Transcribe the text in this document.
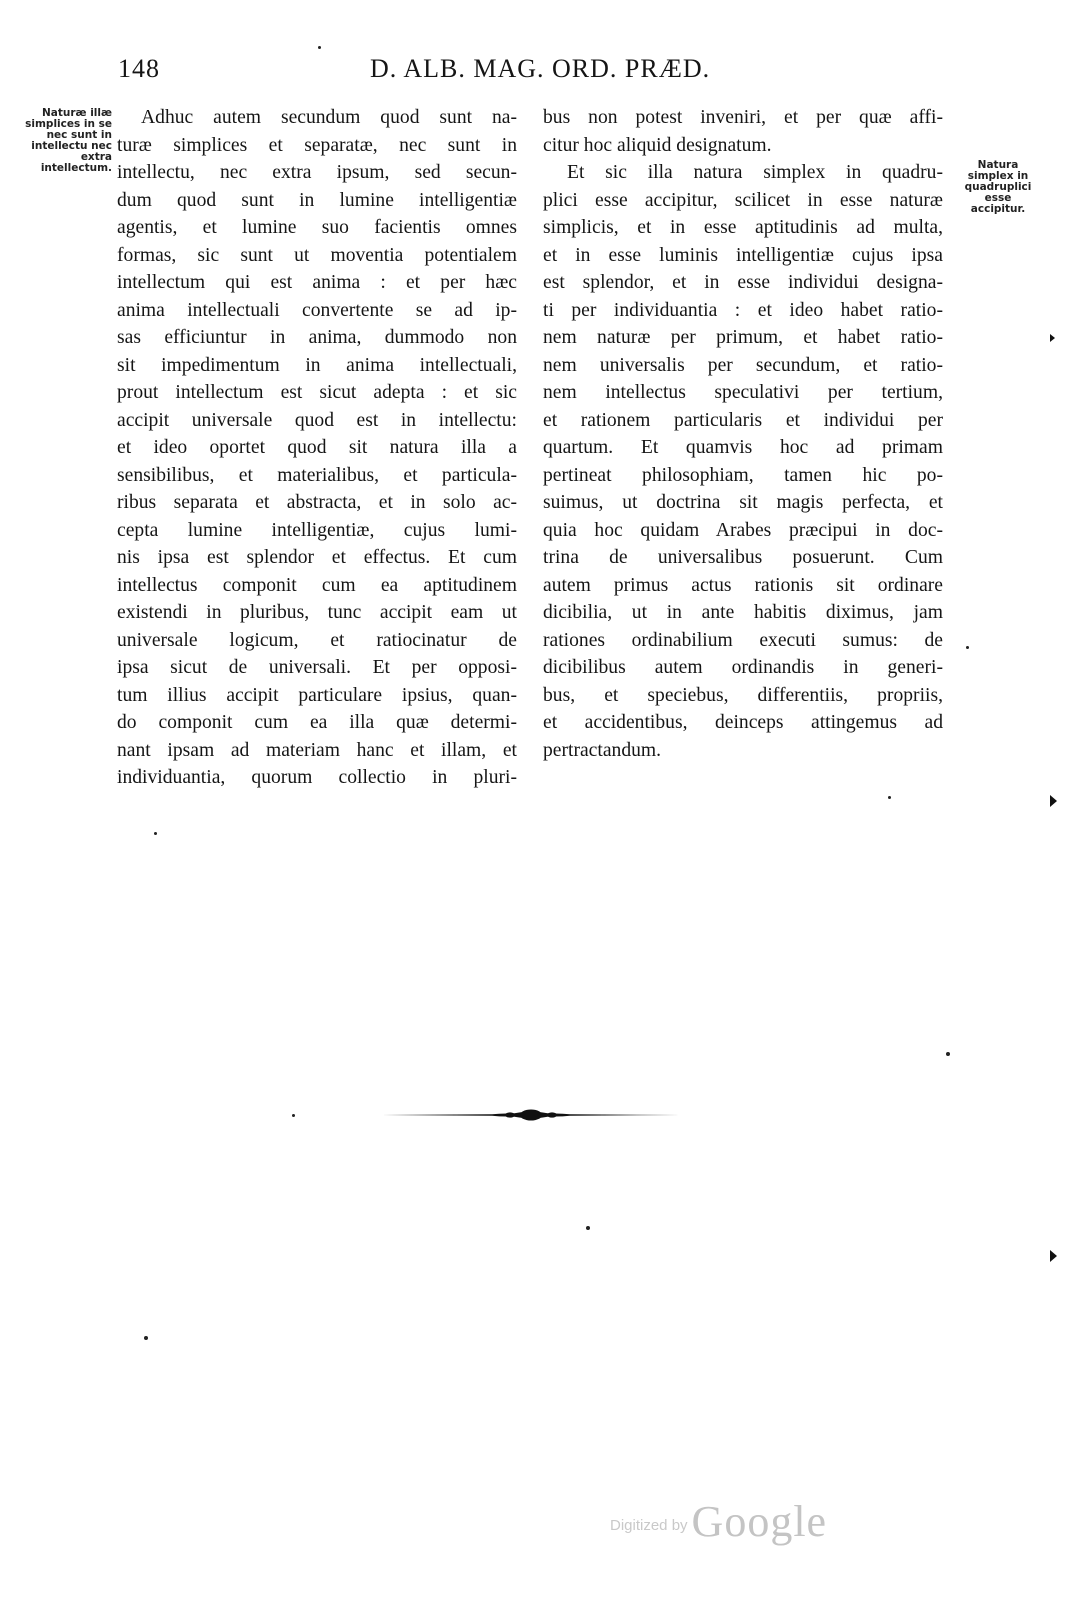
148	D. ALB. MAG. ORD. PRÆD.
Naturæ illæ simplices in se nec sunt in intellectu nec extra intellectum.	Natura simplex in quadruplici esse accipitur.
Adhuc autem secundum quod sunt na-
turæ simplices et separatæ, nec sunt in
intellectu, nec extra ipsum, sed secun-
dum quod sunt in lumine intelligentiæ
agentis, et lumine suo facientis omnes
formas, sic sunt ut moventia potentialem
intellectum qui est anima : et per hæc
anima intellectuali convertente se ad ip-
sas efficiuntur in anima, dummodo non
sit impedimentum in anima intellectuali,
prout intellectum est sicut adepta : et sic
accipit universale quod est in intellectu:
et ideo oportet quod sit natura illa a
sensibilibus, et materialibus, et particula-
ribus separata et abstracta, et in solo ac-
cepta lumine intelligentiæ, cujus lumi-
nis ipsa est splendor et effectus. Et cum
intellectus componit cum ea aptitudinem
existendi in pluribus, tunc accipit eam ut
universale logicum, et ratiocinatur de
ipsa sicut de universali. Et per opposi-
tum illius accipit particulare ipsius, quan-
do componit cum ea illa quæ determi-
nant ipsam ad materiam hanc et illam, et
individuantia, quorum collectio in pluri-
bus non potest inveniri, et per quæ affi-
citur hoc aliquid designatum.
Et sic illa natura simplex in quadru-
plici esse accipitur, scilicet in esse naturæ
simplicis, et in esse aptitudinis ad multa,
et in esse luminis intelligentiæ cujus ipsa
est splendor, et in esse individui designa-
ti per individuantia : et ideo habet ratio-
nem naturæ per primum, et habet ratio-
nem universalis per secundum, et ratio-
nem intellectus speculativi per tertium,
et rationem particularis et individui per
quartum. Et quamvis hoc ad primam
pertineat philosophiam, tamen hic po-
suimus, ut doctrina sit magis perfecta, et
quia hoc quidam Arabes præcipui in doc-
trina de universalibus posuerunt. Cum
autem primus actus rationis sit ordinare
dicibilia, ut in ante habitis diximus, jam
rationes ordinabilium executi sumus: de
dicibilibus autem ordinandis in generi-
bus, et speciebus, differentiis, propriis,
et accidentibus, deinceps attingemus ad
pertractandum.
Digitized by Google
